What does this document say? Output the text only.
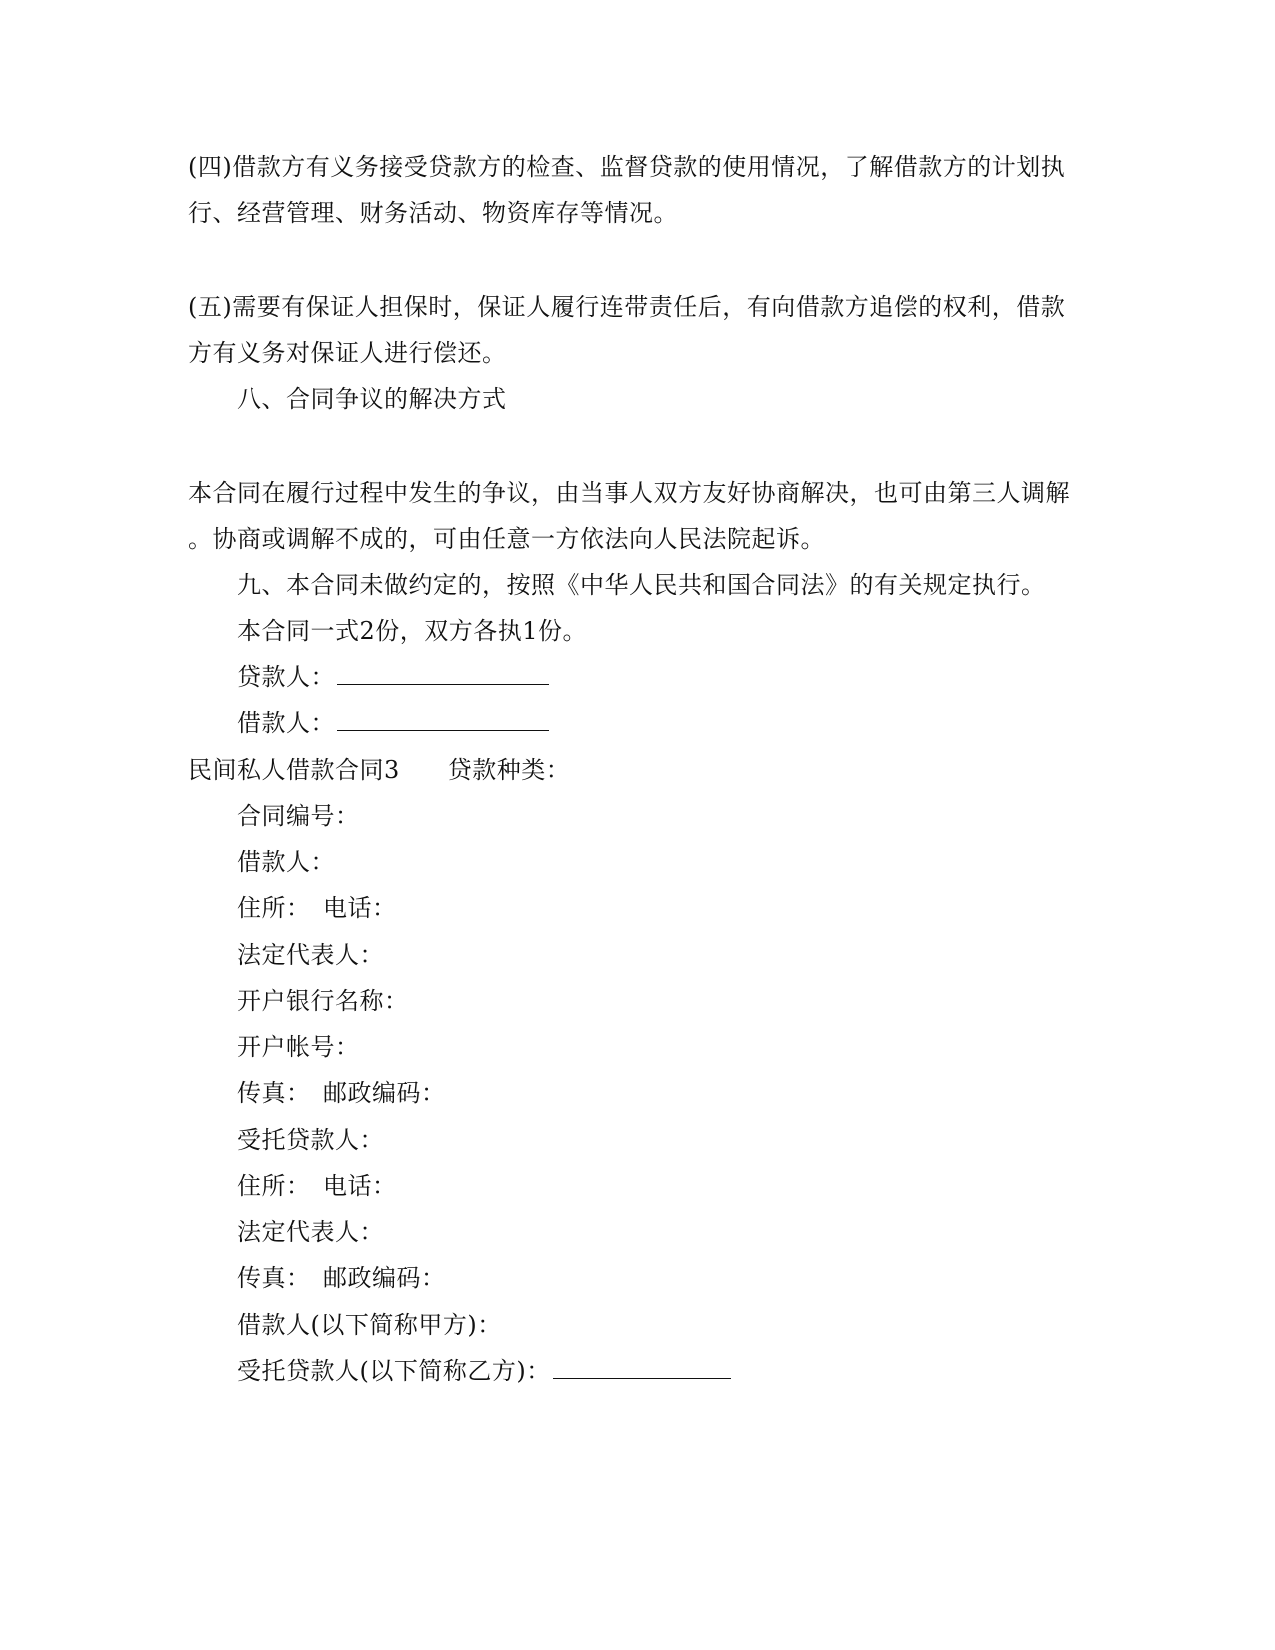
(四)借款方有义务接受贷款方的检查、监督贷款的使用情况，了解借款方的计划执
行、经营管理、财务活动、物资库存等情况。
(五)需要有保证人担保时，保证人履行连带责任后，有向借款方追偿的权利，借款
方有义务对保证人进行偿还。
八、合同争议的解决方式
本合同在履行过程中发生的争议，由当事人双方友好协商解决，也可由第三人调解
。协商或调解不成的，可由任意一方依法向人民法院起诉。
九、本合同未做约定的，按照《中华人民共和国合同法》的有关规定执行。
本合同一式2份，双方各执1份。
贷款人：
借款人：
民间私人借款合同3 贷款种类：
合同编号：
借款人：
住所：　电话：
法定代表人：
开户银行名称：
开户帐号：
传真：　邮政编码：
受托贷款人：
住所：　电话：
法定代表人：
传真：　邮政编码：
借款人(以下简称甲方)：
受托贷款人(以下简称乙方)：
